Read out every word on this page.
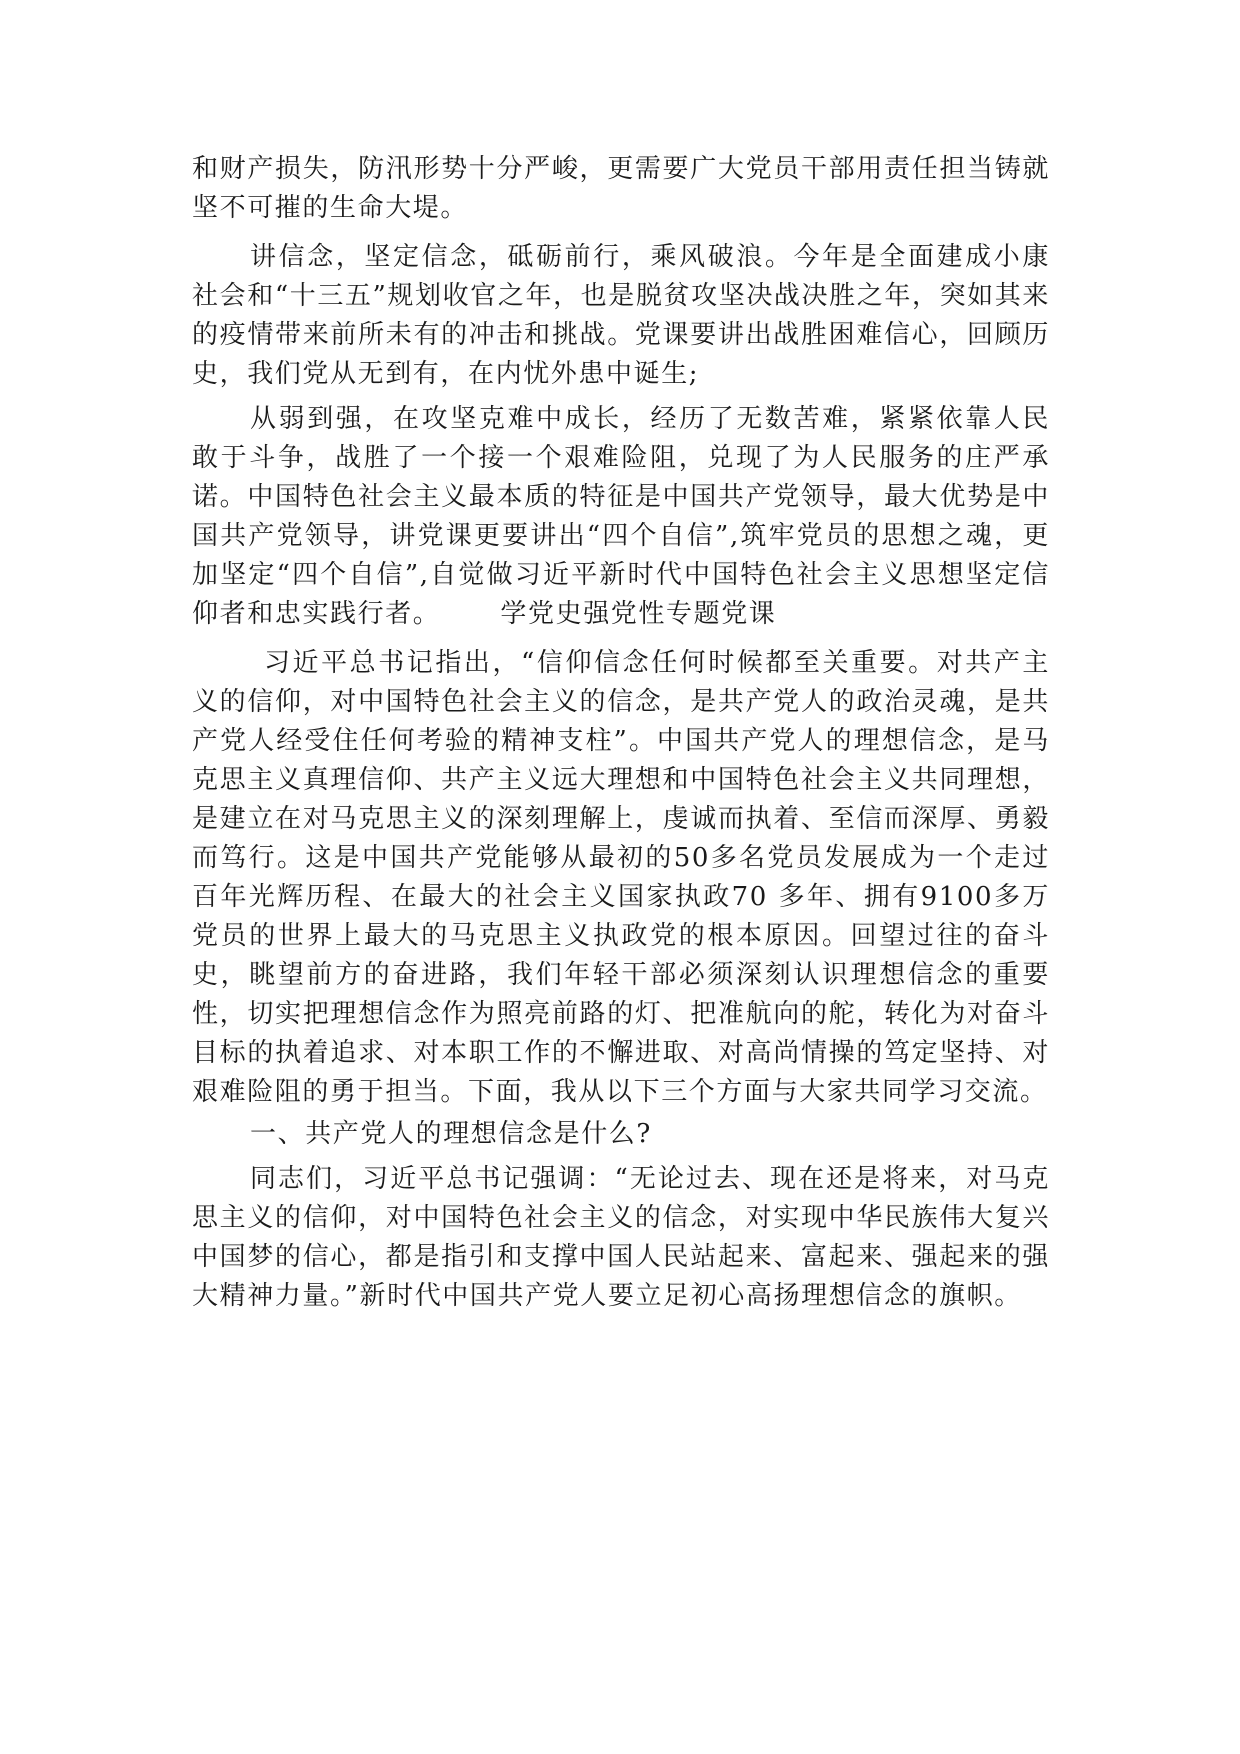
和财产损失，防汛形势十分严峻，更需要广大党员干部用责任担当铸就坚不可摧的生命大堤。

讲信念，坚定信念，砥砺前行，乘风破浪。今年是全面建成小康社会和“十三五”规划收官之年，也是脱贫攻坚决战决胜之年，突如其来的疫情带来前所未有的冲击和挑战。党课要讲出战胜困难信心，回顾历史，我们党从无到有，在内忧外患中诞生;

从弱到强，在攻坚克难中成长，经历了无数苦难，紧紧依靠人民敢于斗争，战胜了一个接一个艰难险阻，兑现了为人民服务的庄严承诺。中国特色社会主义最本质的特征是中国共产党领导，最大优势是中国共产党领导，讲党课更要讲出“四个自信”,筑牢党员的思想之魂，更加坚定“四个自信”,自觉做习近平新时代中国特色社会主义思想坚定信仰者和忠实践行者。 学党史强党性专题党课

习近平总书记指出，“信仰信念任何时候都至关重要。对共产主义的信仰，对中国特色社会主义的信念，是共产党人的政治灵魂，是共产党人经受住任何考验的精神支柱”。中国共产党人的理想信念，是马克思主义真理信仰、共产主义远大理想和中国特色社会主义共同理想，是建立在对马克思主义的深刻理解上，虔诚而执着、至信而深厚、勇毅而笃行。这是中国共产党能够从最初的50多名党员发展成为一个走过百年光辉历程、在最大的社会主义国家执政70 多年、拥有9100多万党员的世界上最大的马克思主义执政党的根本原因。回望过往的奋斗史，眺望前方的奋进路，我们年轻干部必须深刻认识理想信念的重要性，切实把理想信念作为照亮前路的灯、把准航向的舵，转化为对奋斗目标的执着追求、对本职工作的不懈进取、对高尚情操的笃定坚持、对艰难险阻的勇于担当。下面，我从以下三个方面与大家共同学习交流。

一、共产党人的理想信念是什么?

同志们，习近平总书记强调：“无论过去、现在还是将来，对马克思主义的信仰，对中国特色社会主义的信念，对实现中华民族伟大复兴中国梦的信心，都是指引和支撑中国人民站起来、富起来、强起来的强大精神力量。”新时代中国共产党人要立足初心高扬理想信念的旗帜。
